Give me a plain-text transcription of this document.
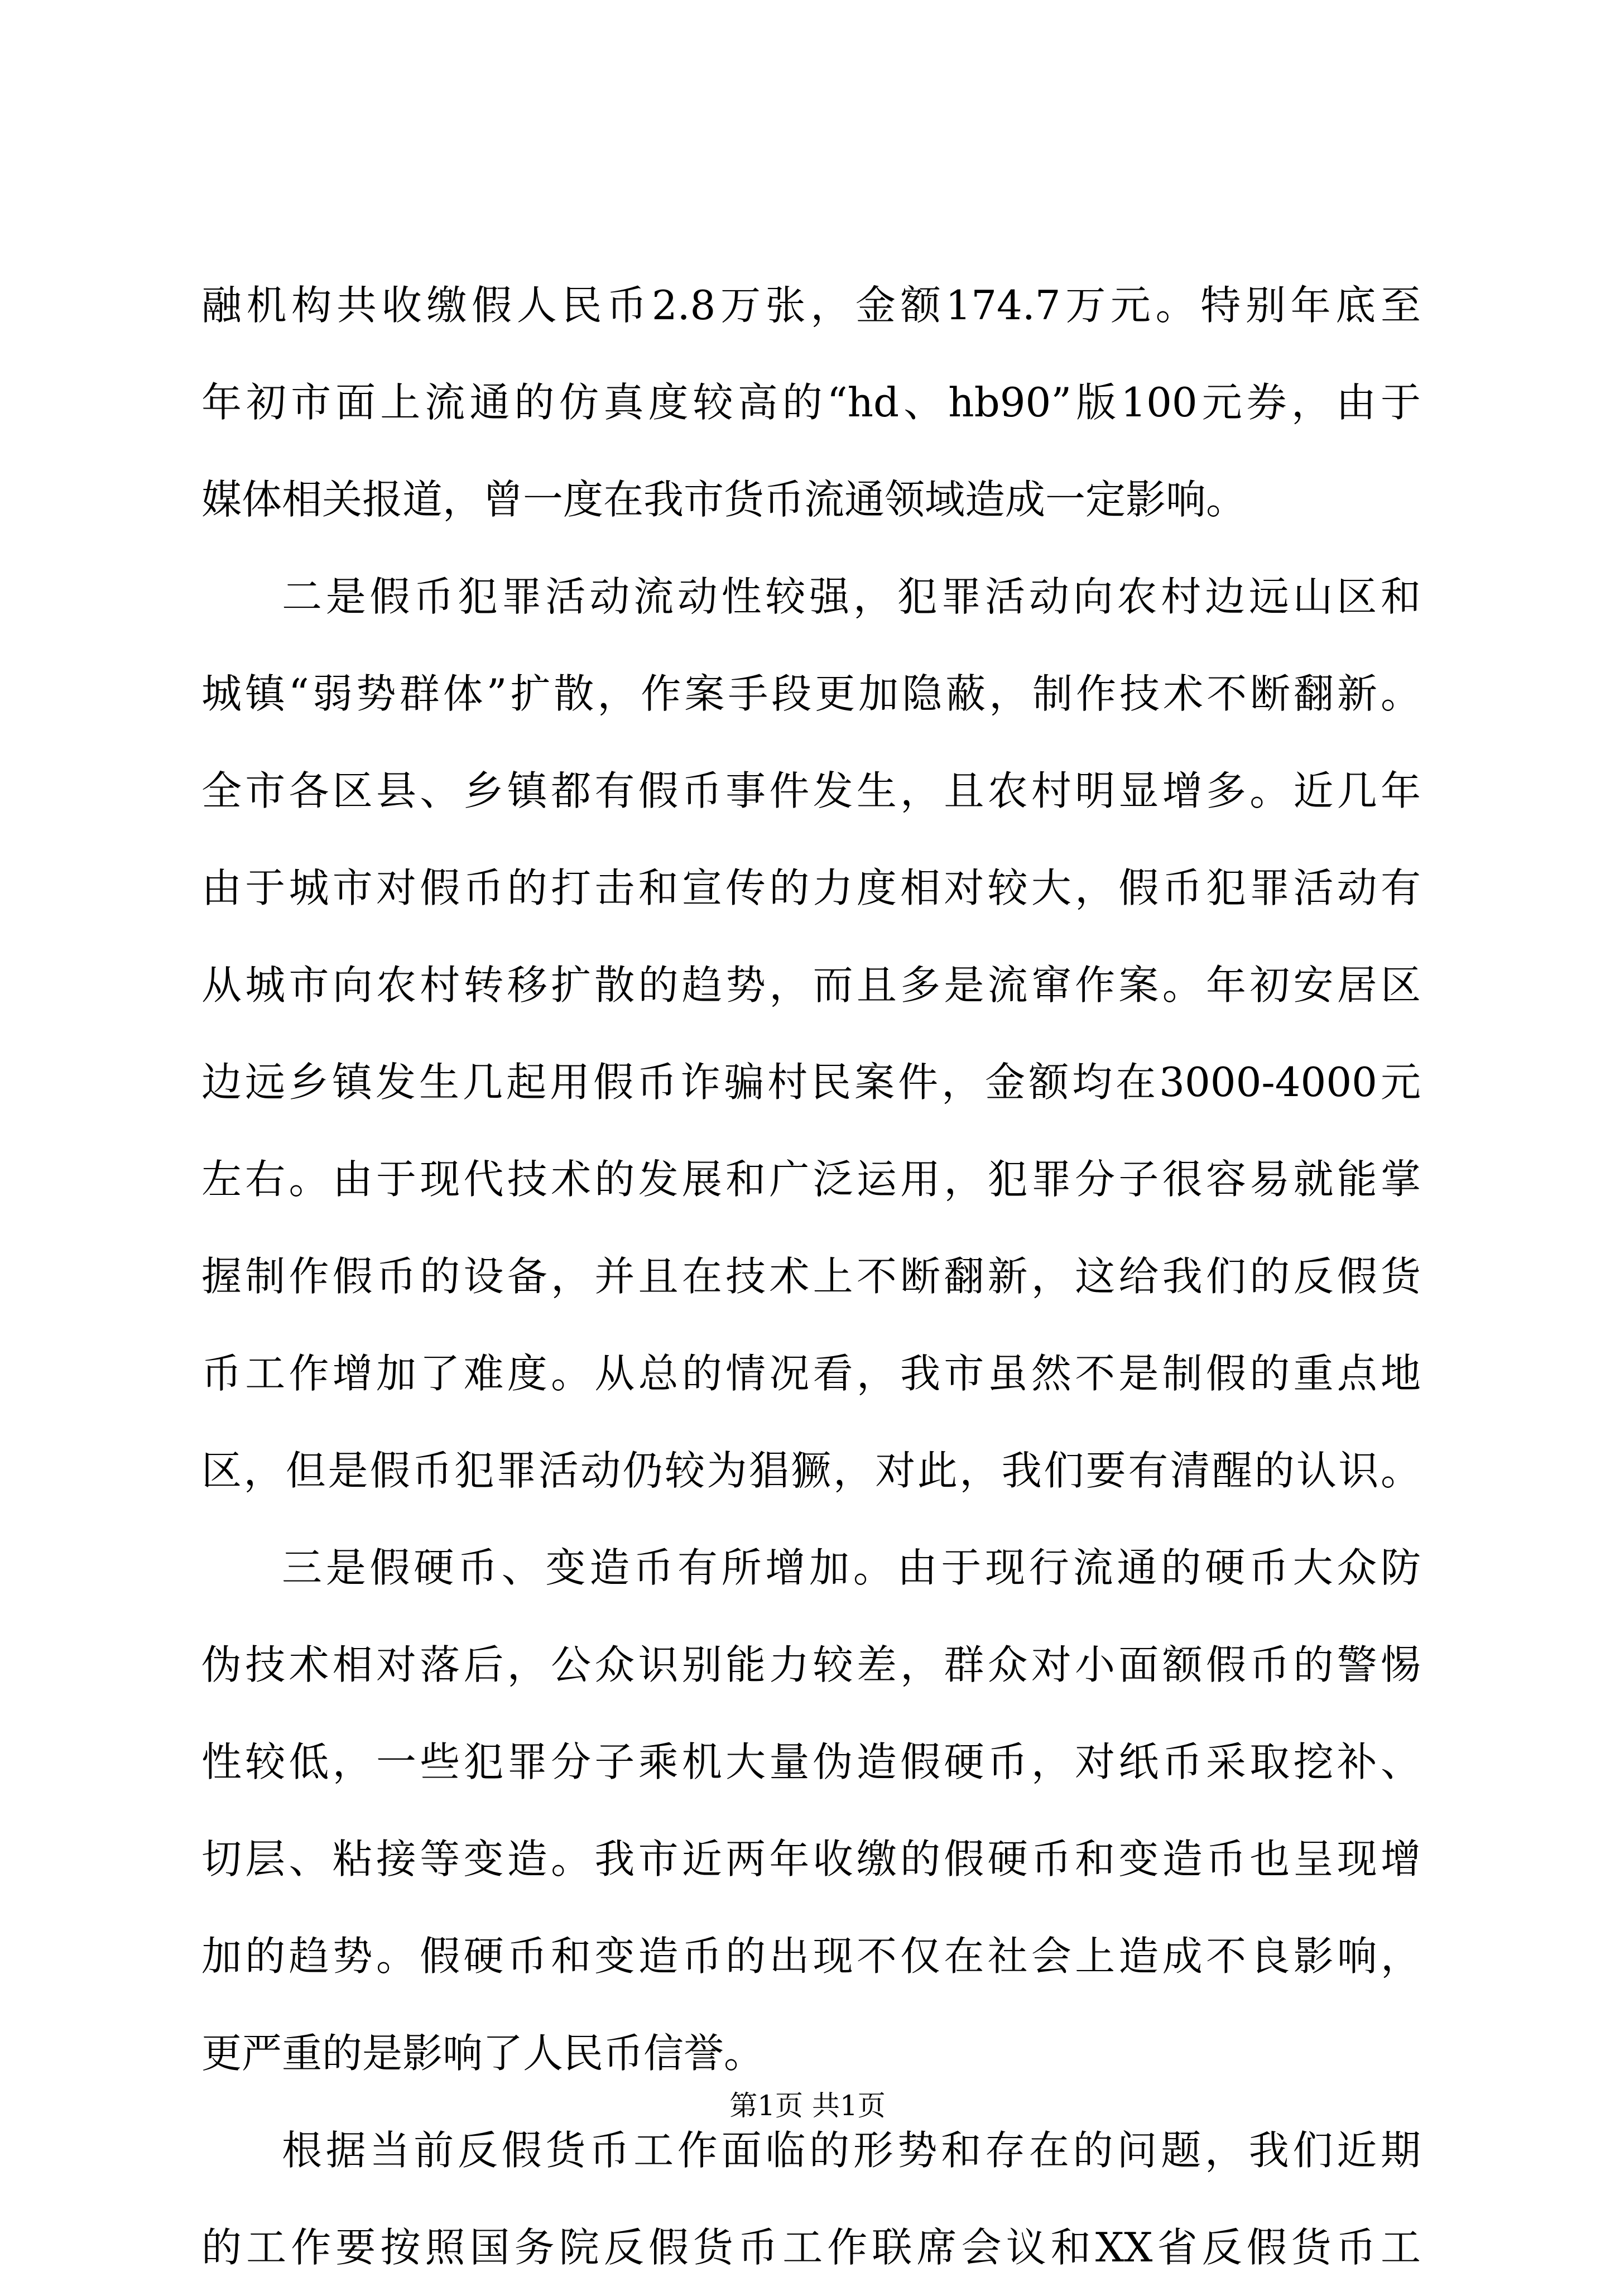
融机构共收缴假人民币2.8万张，金额174.7万元。特别年底至
年初市面上流通的仿真度较高的“hd、hb90”版100元券，由于
媒体相关报道，曾一度在我市货币流通领域造成一定影响。
二是假币犯罪活动流动性较强，犯罪活动向农村边远山区和
城镇“弱势群体”扩散，作案手段更加隐蔽，制作技术不断翻新。
全市各区县、乡镇都有假币事件发生，且农村明显增多。近几年
由于城市对假币的打击和宣传的力度相对较大，假币犯罪活动有
从城市向农村转移扩散的趋势，而且多是流窜作案。年初安居区
边远乡镇发生几起用假币诈骗村民案件，金额均在3000-4000元
左右。由于现代技术的发展和广泛运用，犯罪分子很容易就能掌
握制作假币的设备，并且在技术上不断翻新，这给我们的反假货
币工作增加了难度。从总的情况看，我市虽然不是制假的重点地
区，但是假币犯罪活动仍较为猖獗，对此，我们要有清醒的认识。
三是假硬币、变造币有所增加。由于现行流通的硬币大众防
伪技术相对落后，公众识别能力较差，群众对小面额假币的警惕
性较低，一些犯罪分子乘机大量伪造假硬币，对纸币采取挖补、
切层、粘接等变造。我市近两年收缴的假硬币和变造币也呈现增
加的趋势。假硬币和变造币的出现不仅在社会上造成不良影响，
更严重的是影响了人民币信誉。
根据当前反假货币工作面临的形势和存在的问题，我们近期
的工作要按照国务院反假货币工作联席会议和XX省反假货币工
第1页 共1页
